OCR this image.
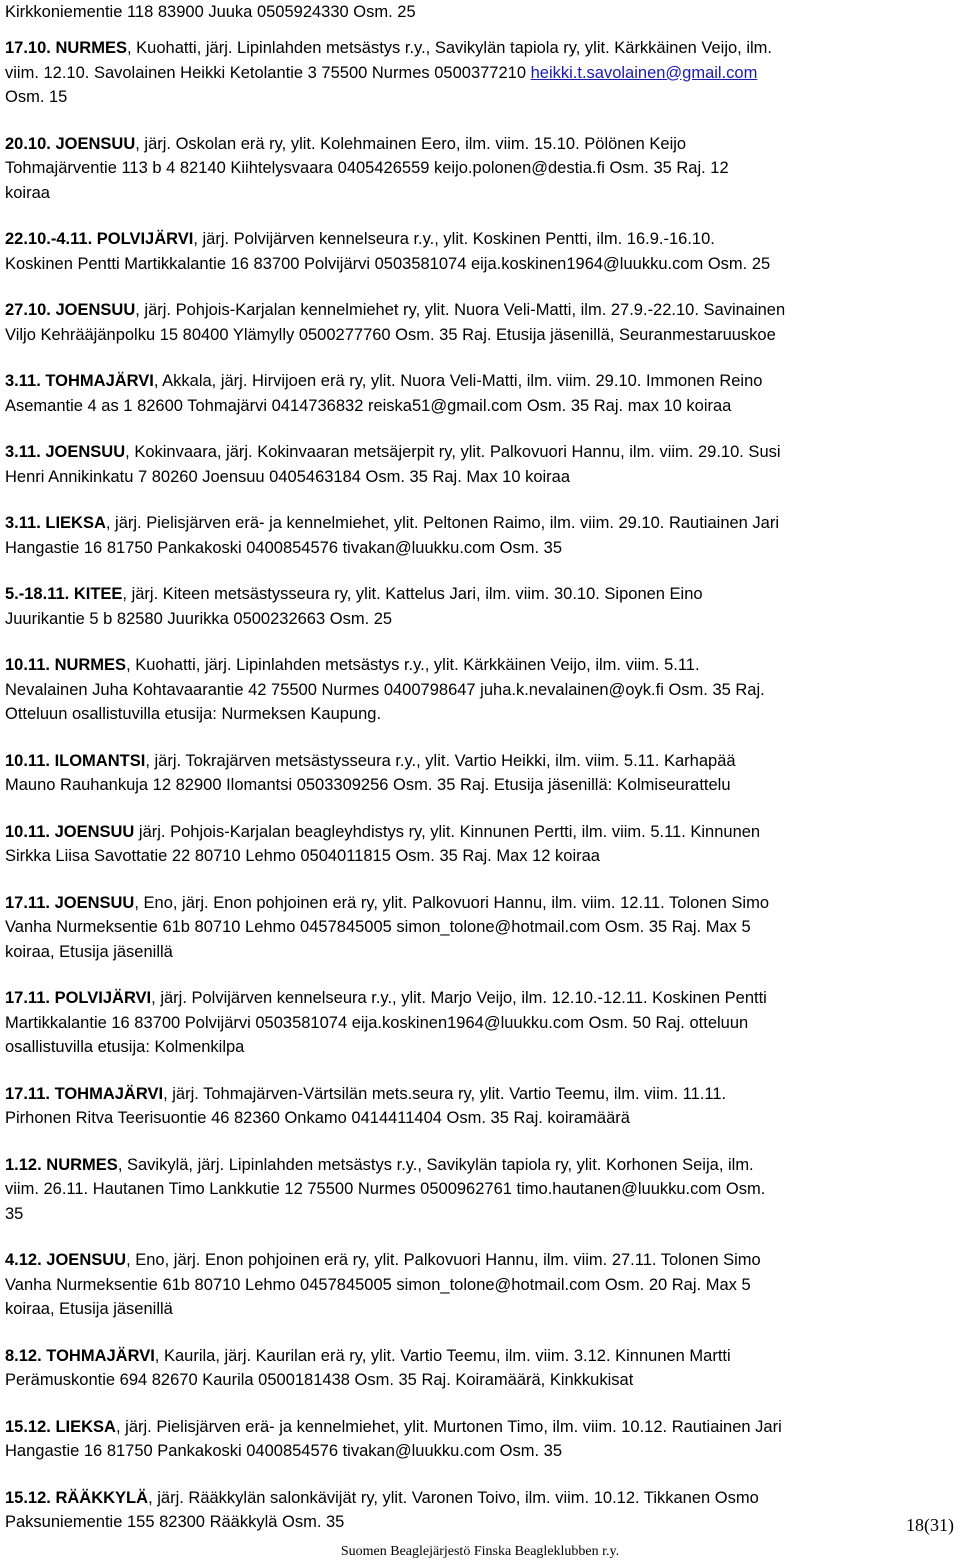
Kirkkoniementie 118 83900 Juuka 0505924330 Osm. 25
17.10. NURMES, Kuohatti, järj. Lipinlahden metsästys r.y., Savikylän tapiola ry, ylit. Kärkkäinen Veijo, ilm.
viim. 12.10. Savolainen Heikki Ketolantie 3 75500 Nurmes 0500377210 heikki.t.savolainen@gmail.com
Osm. 15
20.10. JOENSUU, järj. Oskolan erä ry, ylit. Kolehmainen Eero, ilm. viim. 15.10. Pölönen Keijo
Tohmajärventie 113 b 4 82140 Kiihtelysvaara 0405426559 keijo.polonen@destia.fi Osm. 35 Raj. 12
koiraa
22.10.-4.11. POLVIJÄRVI, järj. Polvijärven kennelseura r.y., ylit. Koskinen Pentti, ilm. 16.9.-16.10.
Koskinen Pentti Martikkalantie 16 83700 Polvijärvi 0503581074 eija.koskinen1964@luukku.com Osm. 25
27.10. JOENSUU, järj. Pohjois-Karjalan kennelmiehet ry, ylit. Nuora Veli-Matti, ilm. 27.9.-22.10. Savinainen
Viljo Kehrääjänpolku 15 80400 Ylämylly 0500277760 Osm. 35 Raj. Etusija jäsenillä, Seuranmestaruuskoe
3.11. TOHMAJÄRVI, Akkala, järj. Hirvijoen erä ry, ylit. Nuora Veli-Matti, ilm. viim. 29.10. Immonen Reino
Asemantie 4 as 1 82600 Tohmajärvi 0414736832 reiska51@gmail.com Osm. 35 Raj. max 10 koiraa
3.11. JOENSUU, Kokinvaara, järj. Kokinvaaran metsäjerpit ry, ylit. Palkovuori Hannu, ilm. viim. 29.10. Susi
Henri Annikinkatu 7 80260 Joensuu 0405463184 Osm. 35 Raj. Max 10 koiraa
3.11. LIEKSA, järj. Pielisjärven erä- ja kennelmiehet, ylit. Peltonen Raimo, ilm. viim. 29.10. Rautiainen Jari
Hangastie 16 81750 Pankakoski 0400854576 tivakan@luukku.com Osm. 35
5.-18.11. KITEE, järj. Kiteen metsästysseura ry, ylit. Kattelus Jari, ilm. viim. 30.10. Siponen Eino
Juurikantie 5 b 82580 Juurikka 0500232663 Osm. 25
10.11. NURMES, Kuohatti, järj. Lipinlahden metsästys r.y., ylit. Kärkkäinen Veijo, ilm. viim. 5.11.
Nevalainen Juha Kohtavaarantie 42 75500 Nurmes 0400798647 juha.k.nevalainen@oyk.fi Osm. 35 Raj.
Otteluun osallistuvilla etusija: Nurmeksen Kaupung.
10.11. ILOMANTSI, järj. Tokrajärven metsästysseura r.y., ylit. Vartio Heikki, ilm. viim. 5.11. Karhapää
Mauno Rauhankuja 12 82900 Ilomantsi 0503309256 Osm. 35 Raj. Etusija jäsenillä: Kolmiseurattelu
10.11. JOENSUU järj. Pohjois-Karjalan beagleyhdistys ry, ylit. Kinnunen Pertti, ilm. viim. 5.11. Kinnunen
Sirkka Liisa Savottatie 22 80710 Lehmo 0504011815 Osm. 35 Raj. Max 12 koiraa
17.11. JOENSUU, Eno, järj. Enon pohjoinen erä ry, ylit. Palkovuori Hannu, ilm. viim. 12.11. Tolonen Simo
Vanha Nurmeksentie 61b 80710 Lehmo 0457845005 simon_tolone@hotmail.com Osm. 35 Raj. Max 5
koiraa, Etusija jäsenillä
17.11. POLVIJÄRVI, järj. Polvijärven kennelseura r.y., ylit. Marjo Veijo, ilm. 12.10.-12.11. Koskinen Pentti
Martikkalantie 16 83700 Polvijärvi 0503581074 eija.koskinen1964@luukku.com Osm. 50 Raj. otteluun
osallistuvilla etusija: Kolmenkilpa
17.11. TOHMAJÄRVI, järj. Tohmajärven-Värtsilän mets.seura ry, ylit. Vartio Teemu, ilm. viim. 11.11.
Pirhonen Ritva Teerisuontie 46 82360 Onkamo 0414411404 Osm. 35 Raj. koiramäärä
1.12. NURMES, Savikylä, järj. Lipinlahden metsästys r.y., Savikylän tapiola ry, ylit. Korhonen Seija, ilm.
viim. 26.11. Hautanen Timo Lankkutie 12 75500 Nurmes 0500962761 timo.hautanen@luukku.com Osm.
35
4.12. JOENSUU, Eno, järj. Enon pohjoinen erä ry, ylit. Palkovuori Hannu, ilm. viim. 27.11. Tolonen Simo
Vanha Nurmeksentie 61b 80710 Lehmo 0457845005 simon_tolone@hotmail.com Osm. 20 Raj. Max 5
koiraa, Etusija jäsenillä
8.12. TOHMAJÄRVI, Kaurila, järj. Kaurilan erä ry, ylit. Vartio Teemu, ilm. viim. 3.12. Kinnunen Martti
Perämuskontie 694 82670 Kaurila 0500181438 Osm. 35 Raj. Koiramäärä, Kinkkukisat
15.12. LIEKSA, järj. Pielisjärven erä- ja kennelmiehet, ylit. Murtonen Timo, ilm. viim. 10.12. Rautiainen Jari
Hangastie 16 81750 Pankakoski 0400854576 tivakan@luukku.com Osm. 35
15.12. RÄÄKKYLÄ, järj. Rääkkylän salonkävijät ry, ylit. Varonen Toivo, ilm. viim. 10.12. Tikkanen Osmo
Paksuniementie 155 82300 Rääkkylä Osm. 35	18(31)
Suomen Beaglejärjestö Finska Beagleklubben r.y.
